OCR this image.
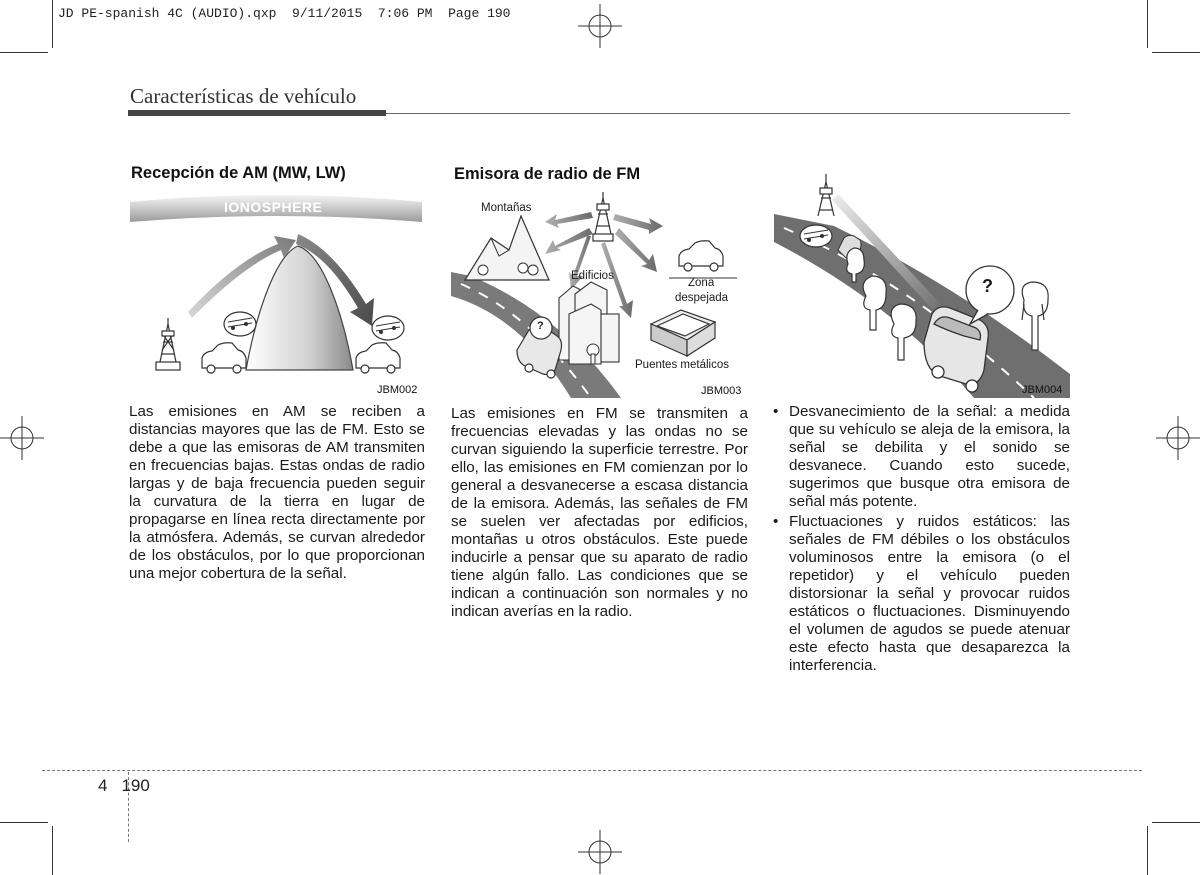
JD PE-spanish 4C (AUDIO).qxp  9/11/2015  7:06 PM  Page 190
Características de vehículo
Recepción de AM (MW, LW)
IONOSPHERE
JBM002
Emisora de radio de FM
Montañas
Edificios
Zona
despejada
Puentes metálicos
?
JBM003
?
JBM004

Las emisiones en AM se reciben a distancias mayores que las de FM. Esto se debe a que las emisoras de AM transmiten en frecuencias bajas. Estas ondas de radio largas y de baja frecuencia pueden seguir la curvatura de la tierra en lugar de propagarse en línea recta directamente por la atmósfera. Además, se curvan alrededor de los obstáculos, por lo que proporcionan una mejor cobertura de la señal.

Las emisiones en FM se transmiten a frecuencias elevadas y las ondas no se curvan siguiendo la superficie terrestre. Por ello, las emisiones en FM comienzan por lo general a desvanecerse a escasa distancia de la emisora. Además, las señales de FM se suelen ver afectadas por edificios, montañas u otros obstáculos. Este puede inducirle a pensar que su aparato de radio tiene algún fallo. Las condiciones que se indican a continuación son normales y no indican averías en la radio.

• Desvanecimiento de la señal: a medida que su vehículo se aleja de la emisora, la señal se debilita y el sonido se desvanece. Cuando esto sucede, sugerimos que busque otra emisora de señal más potente.
• Fluctuaciones y ruidos estáticos: las señales de FM débiles o los obstáculos voluminosos entre la emisora (o el repetidor) y el vehículo pueden distorsionar la señal y provocar ruidos estáticos o fluctuaciones. Disminuyendo el volumen de agudos se puede atenuar este efecto hasta que desaparezca la interferencia.
4 190
